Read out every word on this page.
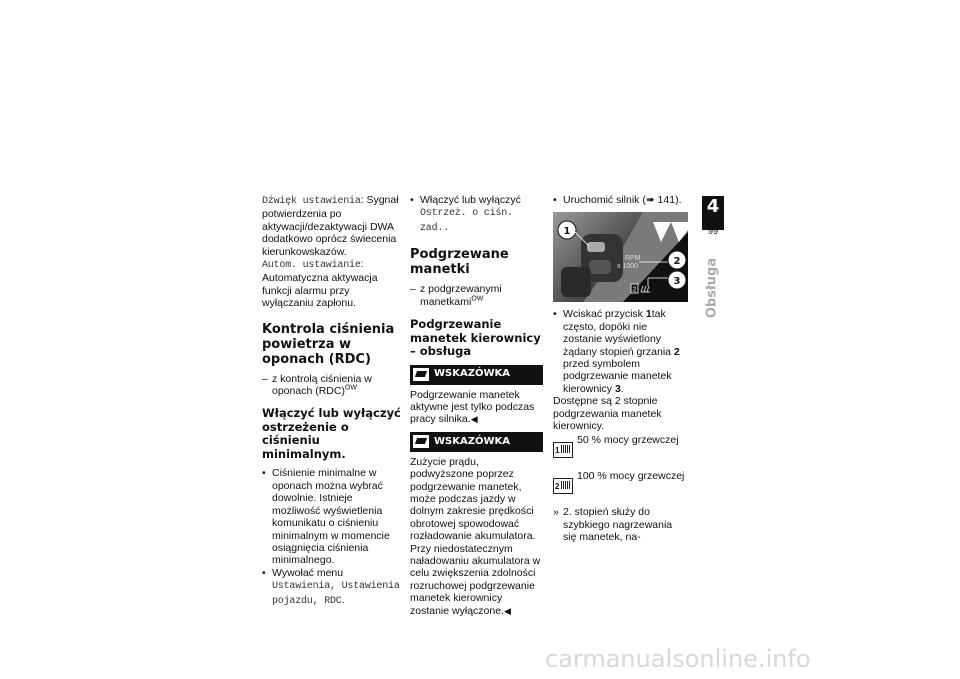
Dźwięk ustawienia: Sygnał potwierdzenia po aktywacji/dezaktywacji DWA dodatkowo oprócz świecenia kierunkowskazów.

Autom. ustawianie: Automatyczna aktywacja funkcji alarmu przy wyłączaniu zapłonu.

Kontrola ciśnienia powietrza w oponach (RDC)

– z kontrolą ciśnienia w oponach (RDC)$^{OW}$

Włączyć lub wyłączyć ostrzeżenie o ciśnieniu minimalnym.

• Ciśnienie minimalne w oponach można wybrać dowolnie. Istnieje możliwość wyświetlenia komunikatu o ciśnieniu minimalnym w momencie osiągnięcia ciśnienia minimalnego.

• Wywołać menu Ustawienia, Ustawienia pojazdu, RDC.

• Włączyć lub wyłączyć
Ostrzeż. o ciśn. zad..

Podgrzewane manetki

– z podgrzewanymi manetkami$^{OW}$

Podgrzewanie manetek kierownicy – obsługa
WSKAZÓWKA

Podgrzewanie manetek aktywne jest tylko podczas pracy silnika.◀

WSKAZÓWKA

Zużycie prądu, podwyższone poprzez podgrzewanie manetek, może podczas jazdy w dolnym zakresie prędkości obrotowej spowodować rozładowanie akumulatora. Przy niedostatecznym naładowaniu akumulatora w celu zwiększenia zdolności rozruchowej podgrzewanie manetek kierownicy zostanie wyłączone.◀

• Uruchomić silnik (➠ 141).

RPM
x 1000
2
1
2
3

• Wciskać przycisk 1tak często, dopóki nie zostanie wyświetlony żądany stopień grzania 2 przed symbolem podgrzewanie manetek kierownicy 3.

Dostępne są 2 stopnie podgrzewania manetek kierownicy.

1
50 % mocy grzewczej
2
100 % mocy grzewczej

» 2. stopień służy do szybkiego nagrzewania się manetek, na-

4
99
Obsługa
carmanualsonline.info
